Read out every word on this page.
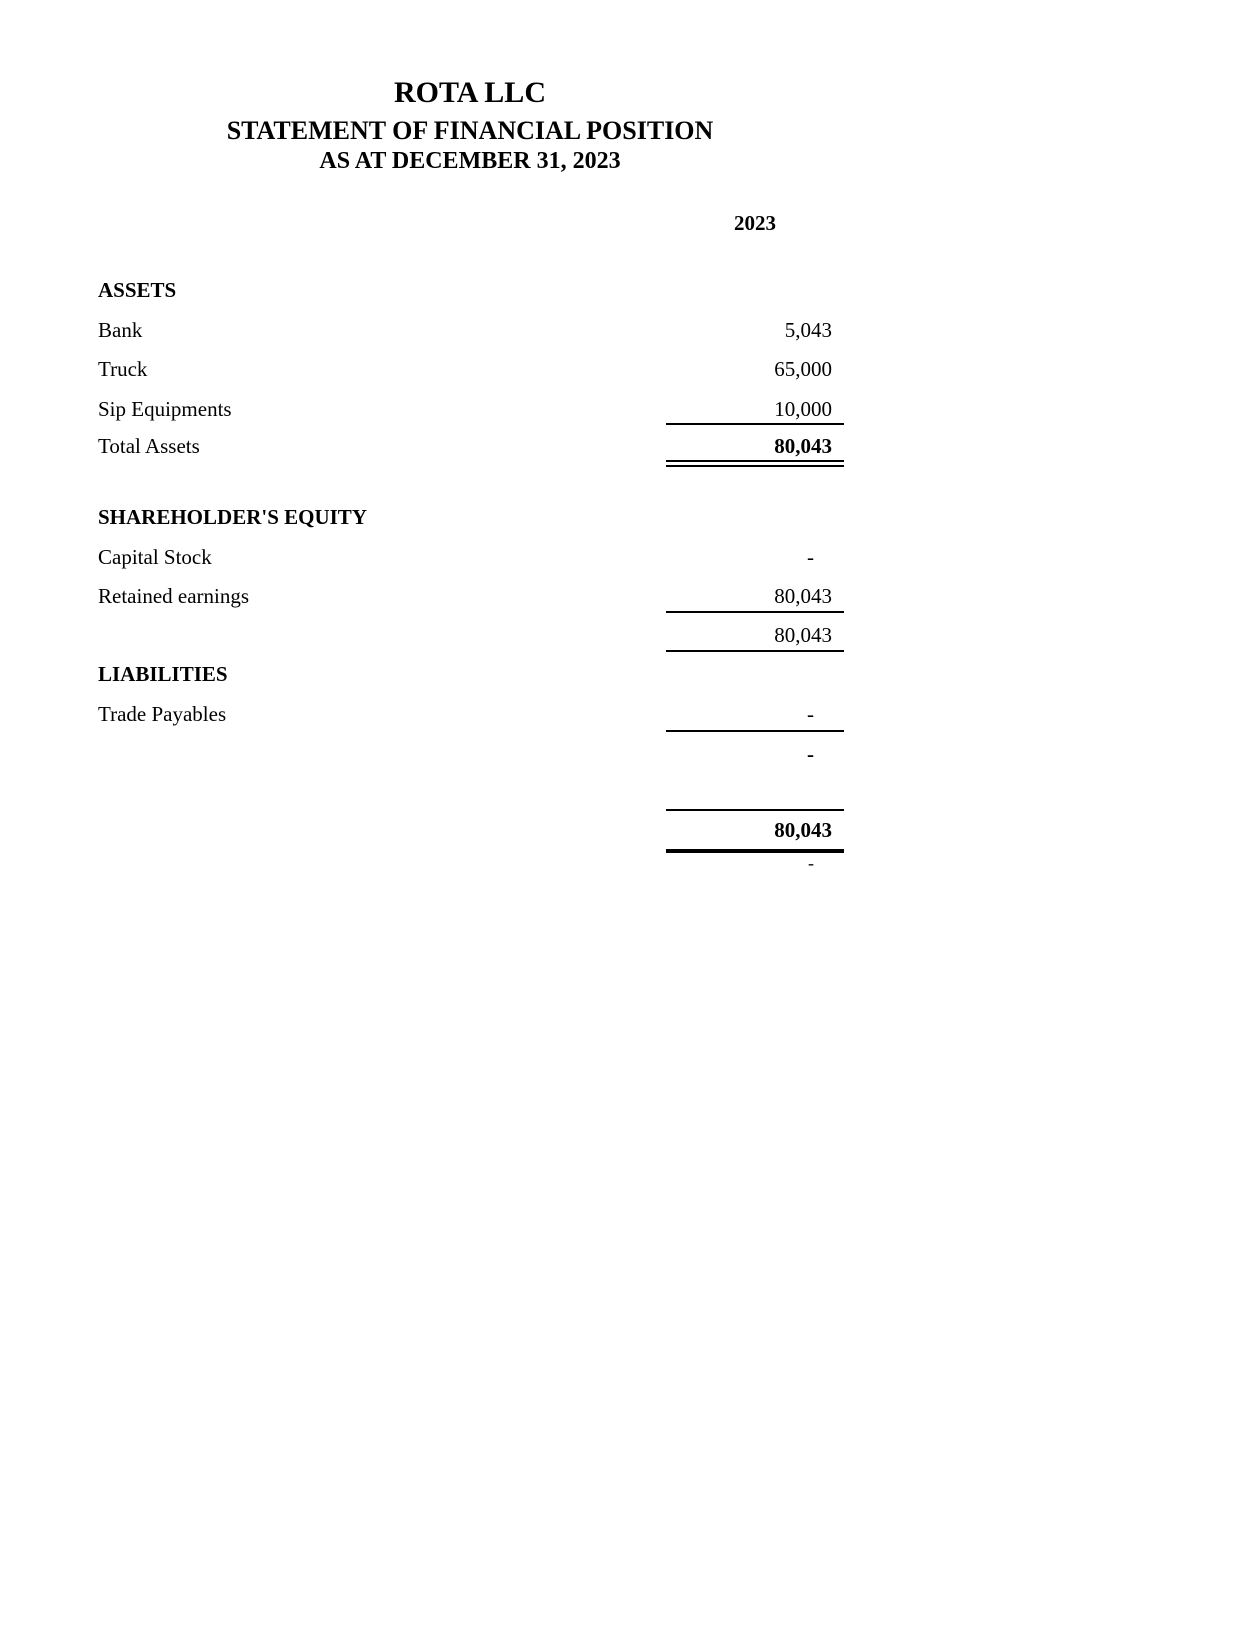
ROTA LLC
STATEMENT OF FINANCIAL POSITION
AS AT DECEMBER 31, 2023
2023
ASSETS
Bank	5,043
Truck	65,000
Sip Equipments	10,000
Total Assets	80,043
SHAREHOLDER'S EQUITY
Capital Stock	-
Retained earnings	80,043
80,043
LIABILITIES
Trade Payables	-
-
80,043
-
